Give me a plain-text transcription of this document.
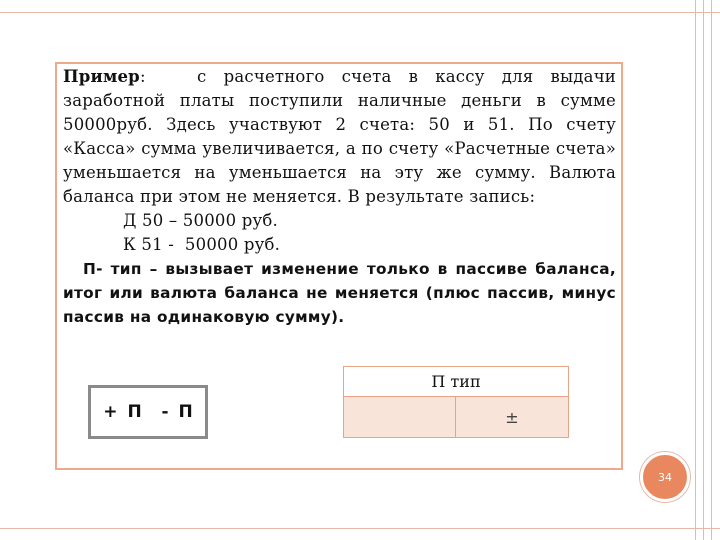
Пример:   с расчетного счета в кассу для выдачи заработной платы поступили наличные деньги в сумме 50000руб. Здесь участвуют 2 счета: 50 и 51. По счету «Касса» сумма увеличивается, а по счету «Расчетные счета» уменьшается на уменьшается на эту же сумму. Валюта баланса при этом не меняется. В результате запись:

Д 50 – 50000 руб.

К 51 -  50000 руб.

П- тип – вызывает изменение только в пассиве баланса, итог или валюта баланса не меняется (плюс пассив, минус пассив на одинаковую сумму).

+ П  - П
П тип
±
34
